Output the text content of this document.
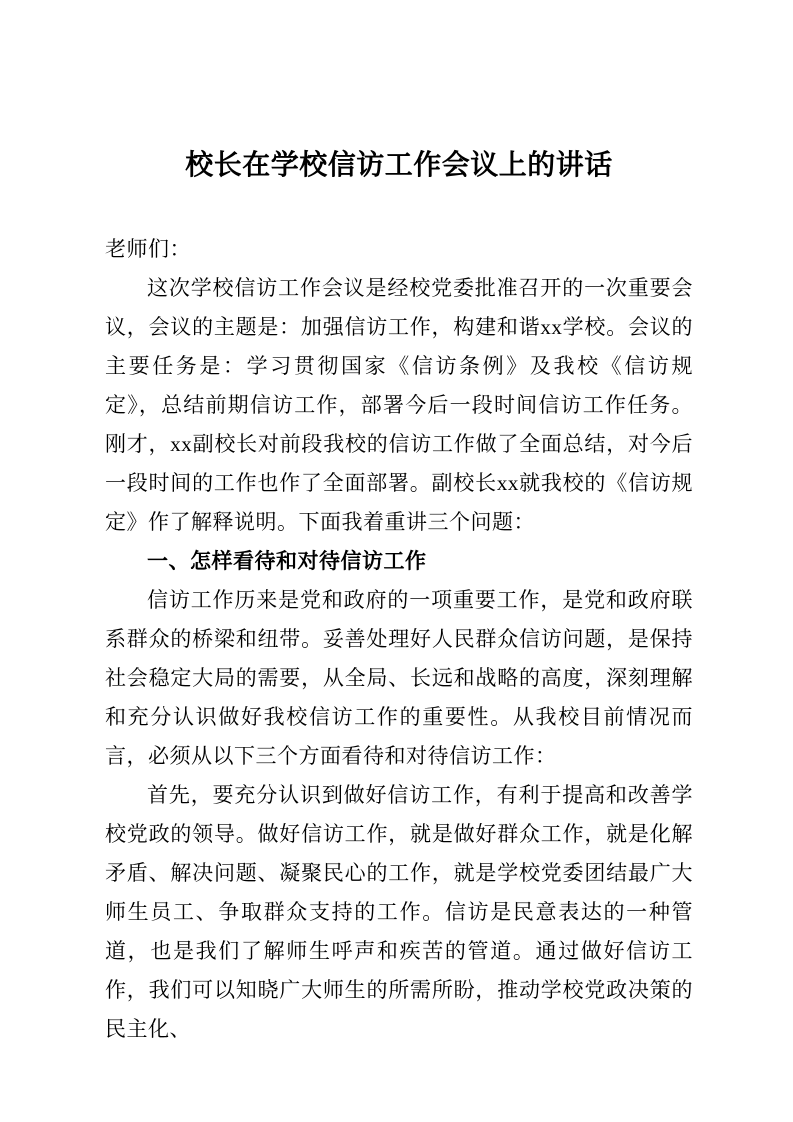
校长在学校信访工作会议上的讲话

老师们：

这次学校信访工作会议是经校党委批准召开的一次重要会议，会议的主题是：加强信访工作，构建和谐xx学校。会议的主要任务是：学习贯彻国家《信访条例》及我校《信访规定》，总结前期信访工作，部署今后一段时间信访工作任务。刚才，xx副校长对前段我校的信访工作做了全面总结，对今后一段时间的工作也作了全面部署。副校长xx就我校的《信访规定》作了解释说明。下面我着重讲三个问题：

一、怎样看待和对待信访工作

信访工作历来是党和政府的一项重要工作，是党和政府联系群众的桥梁和纽带。妥善处理好人民群众信访问题，是保持社会稳定大局的需要，从全局、长远和战略的高度，深刻理解和充分认识做好我校信访工作的重要性。从我校目前情况而言，必须从以下三个方面看待和对待信访工作：

首先，要充分认识到做好信访工作，有利于提高和改善学校党政的领导。做好信访工作，就是做好群众工作，就是化解矛盾、解决问题、凝聚民心的工作，就是学校党委团结最广大师生员工、争取群众支持的工作。信访是民意表达的一种管道，也是我们了解师生呼声和疾苦的管道。通过做好信访工作，我们可以知晓广大师生的所需所盼，推动学校党政决策的民主化、
